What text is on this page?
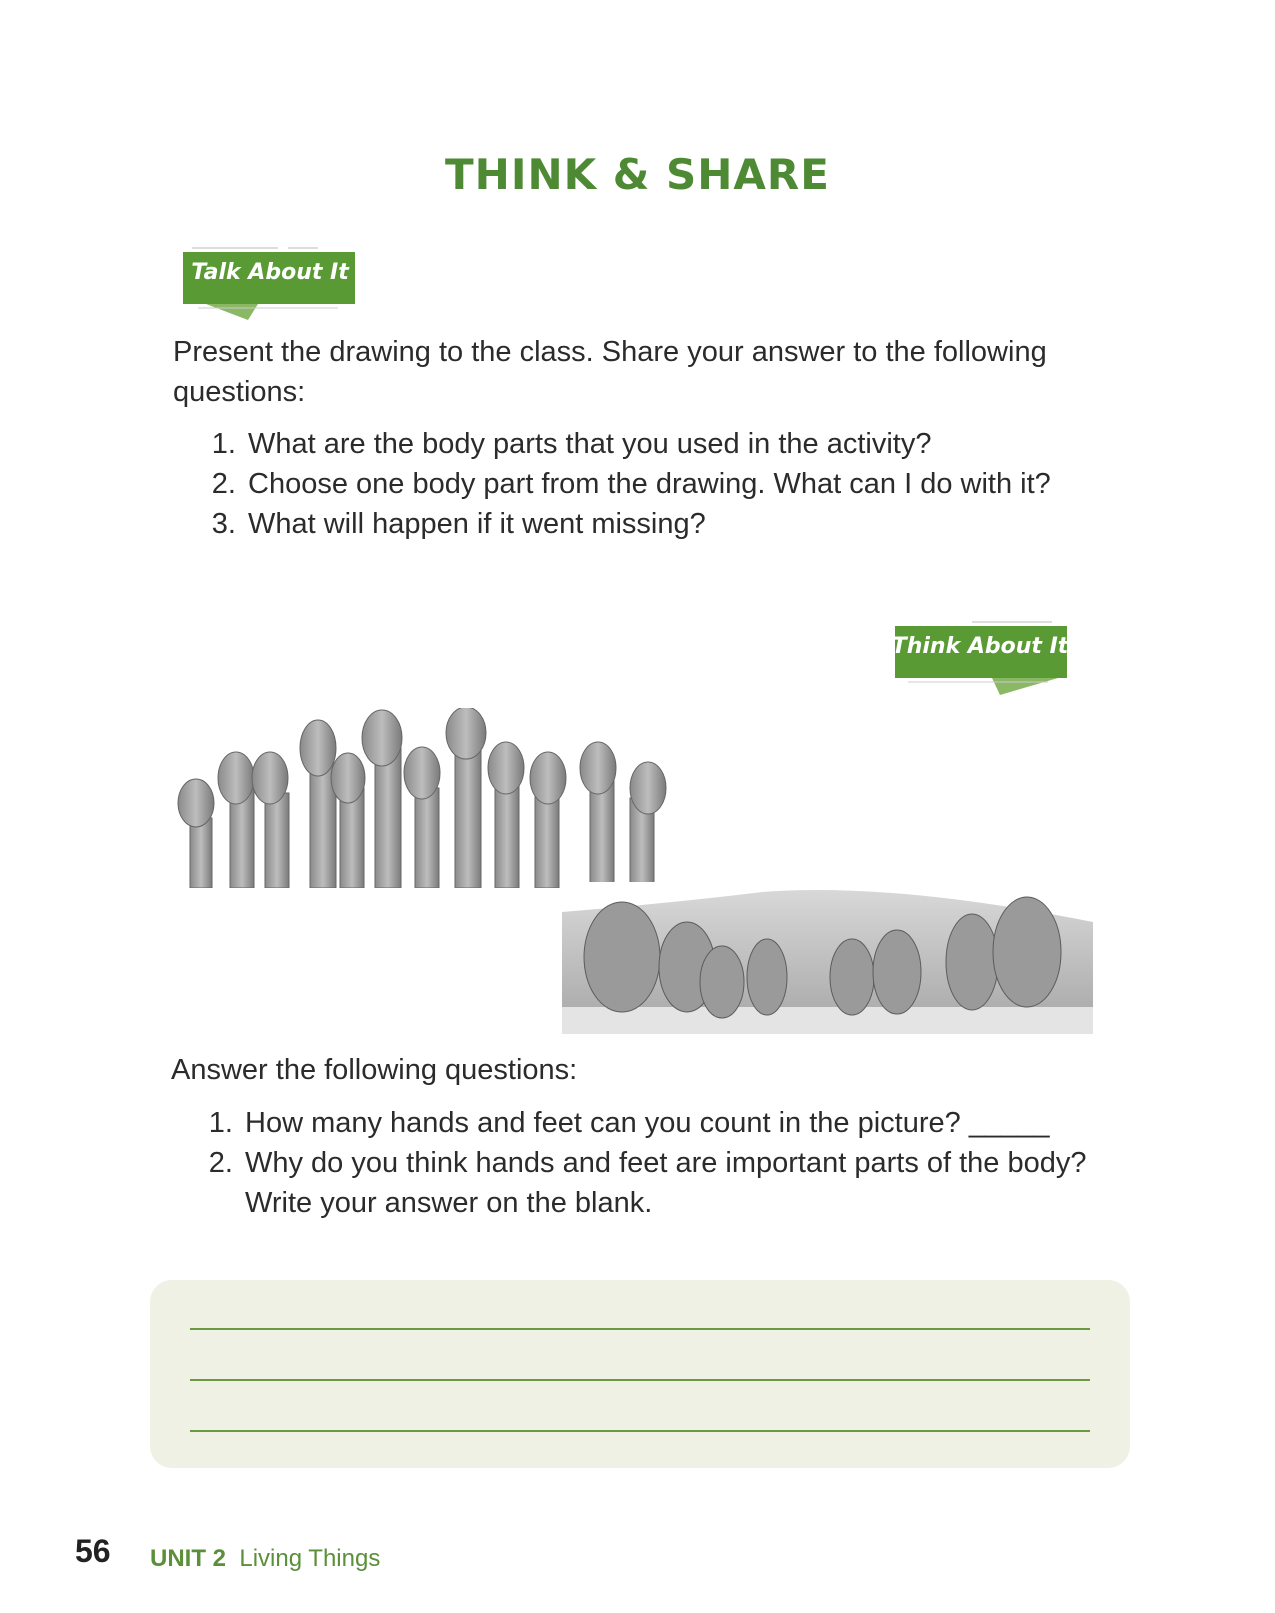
THINK & SHARE
Talk About It
Present the drawing to the class. Share your answer to the following questions:
1. What are the body parts that you used in the activity?
2. Choose one body part from the drawing. What can I do with it?
3. What will happen if it went missing?
Think About It
Answer the following questions:
1. How many hands and feet can you count in the picture? _____
2. Why do you think hands and feet are important parts of the body? Write your answer on the blank.
56 UNIT 2 Living Things
